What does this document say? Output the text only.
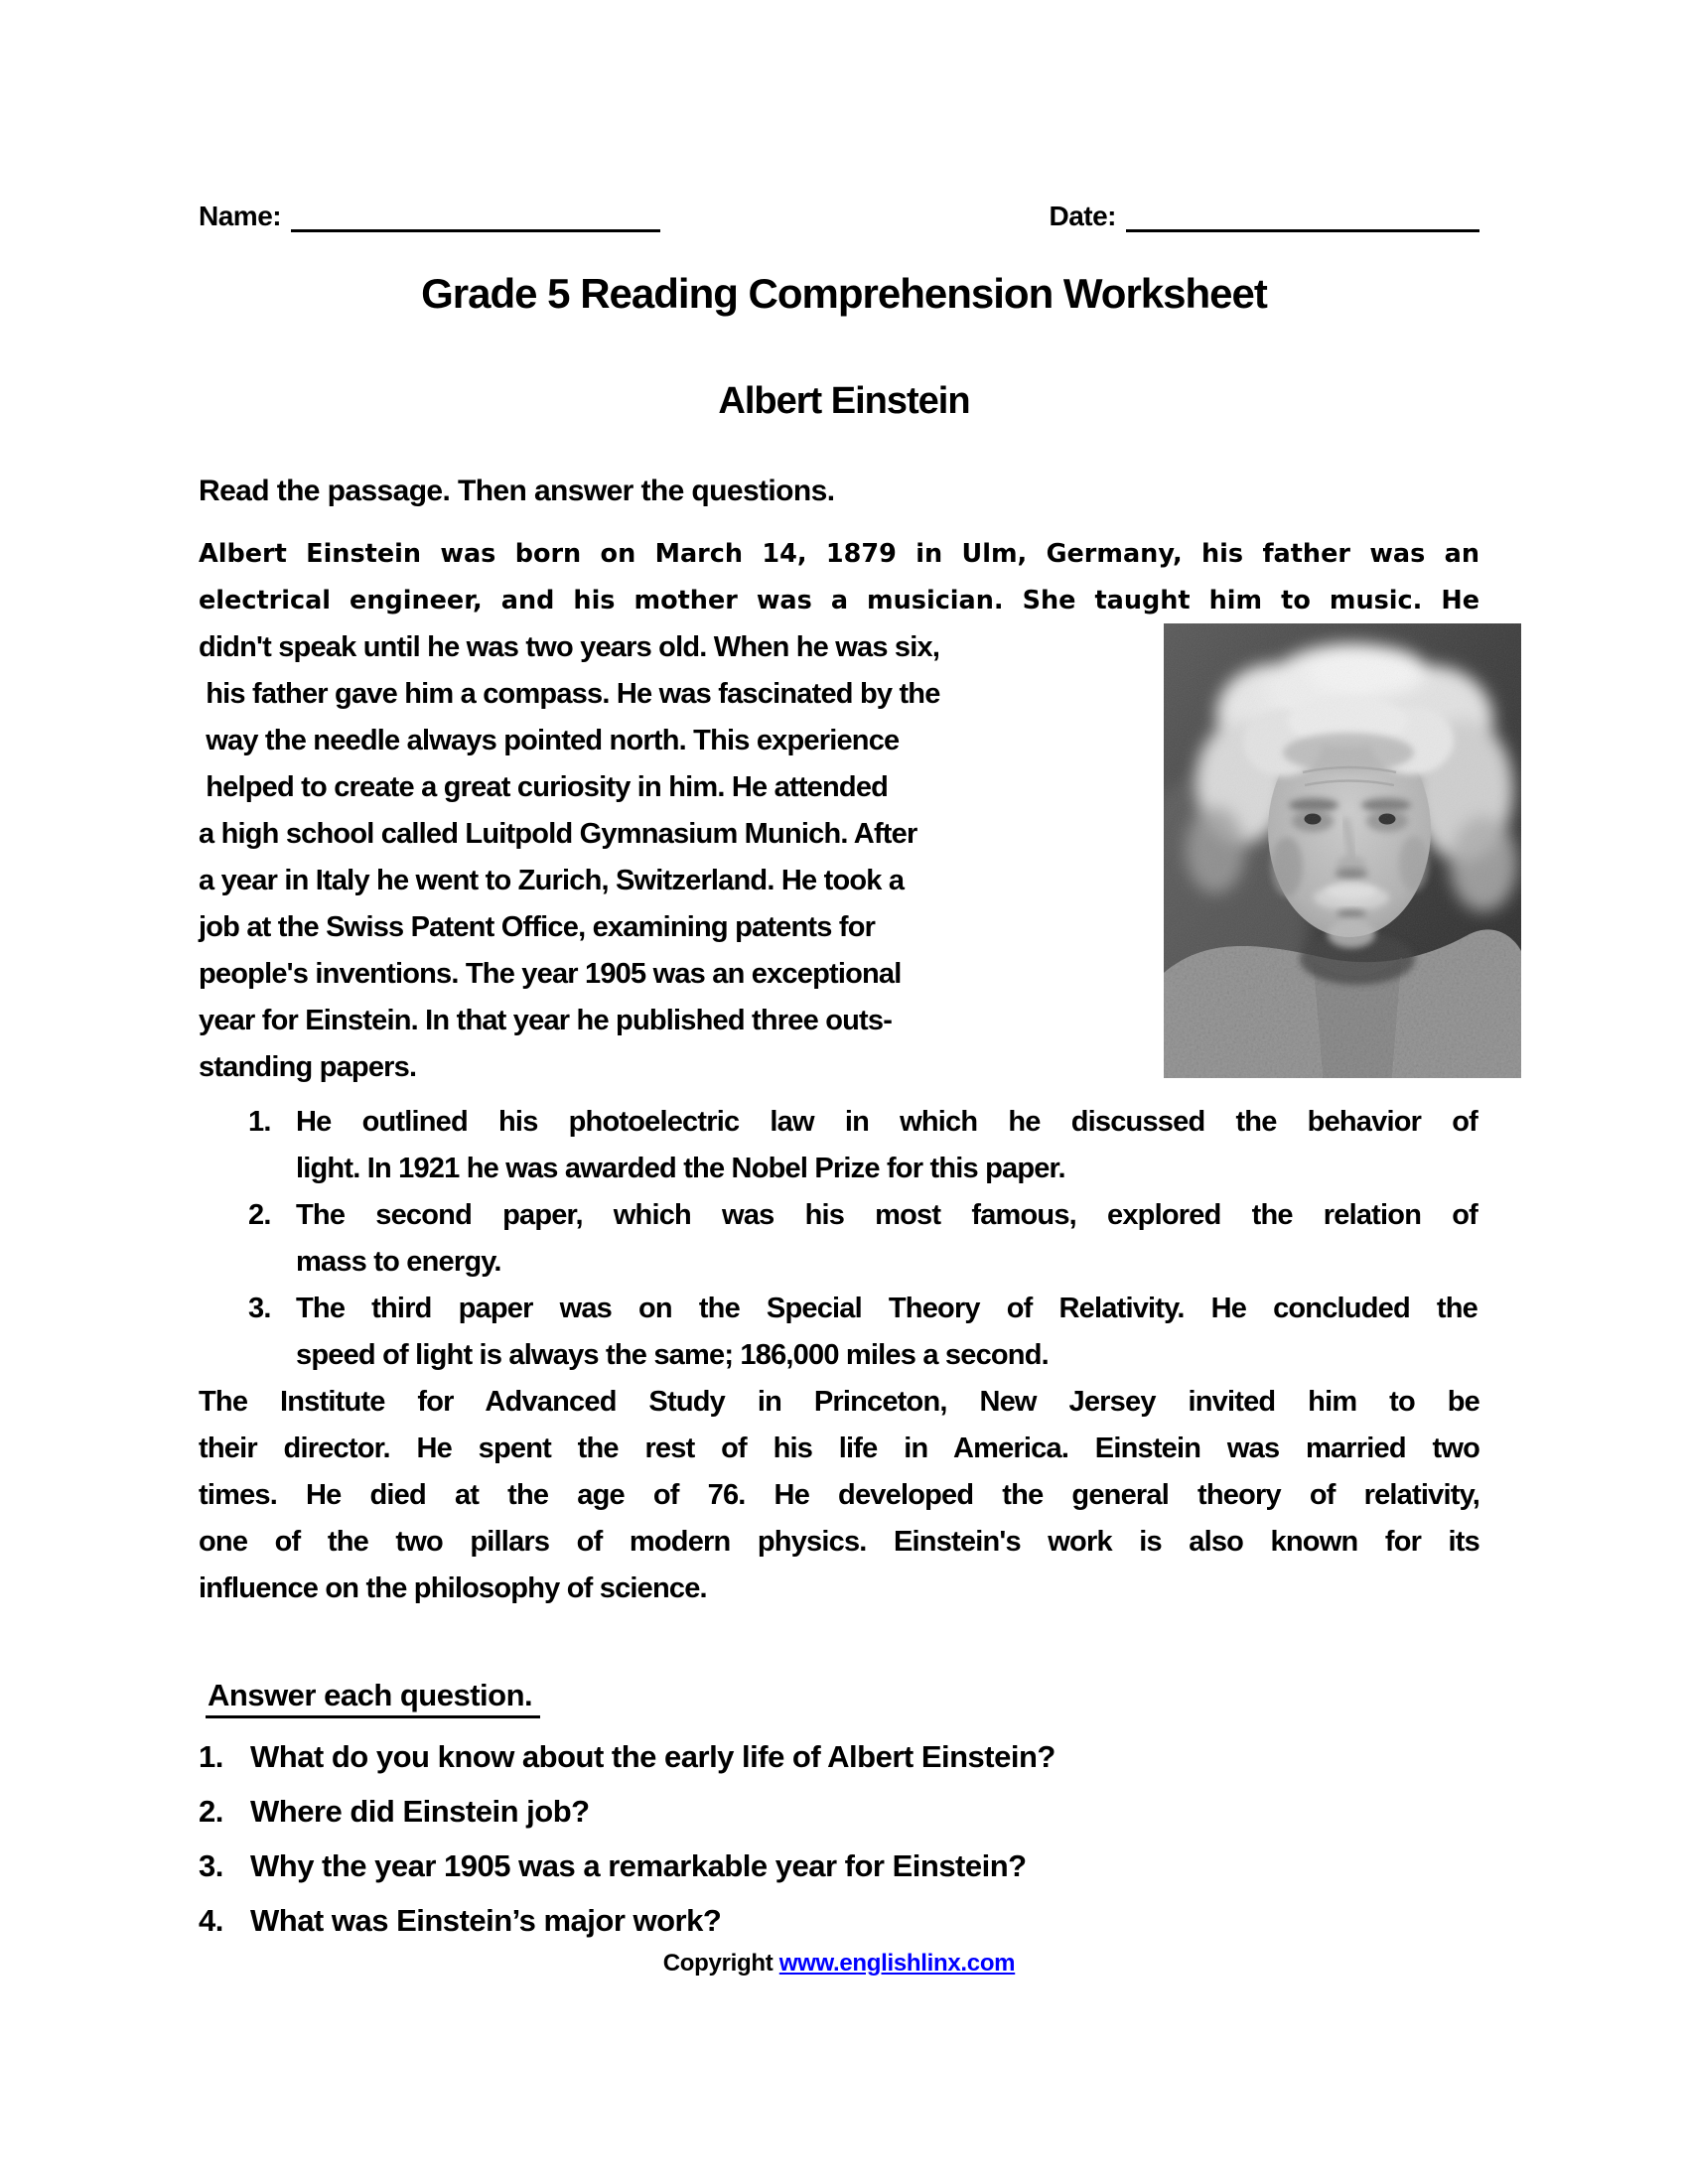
Name:	Date:
Grade 5 Reading Comprehension Worksheet
Albert Einstein
Read the passage. Then answer the questions.
Albert Einstein was born on March 14, 1879 in Ulm, Germany, his father was an
electrical engineer, and his mother was a musician. She taught him to music. He
didn't speak until he was two years old. When he was six,
his father gave him a compass. He was fascinated by the
way the needle always pointed north. This experience
helped to create a great curiosity in him. He attended
a high school called Luitpold Gymnasium Munich. After
a year in Italy he went to Zurich, Switzerland. He took a
job at the Swiss Patent Office, examining patents for
people's inventions. The year 1905 was an exceptional
year for Einstein. In that year he published three outs-
standing papers.
1. He outlined his photoelectric law in which he discussed the behavior of
light. In 1921 he was awarded the Nobel Prize for this paper.
2. The second paper, which was his most famous, explored the relation of
mass to energy.
3. The third paper was on the Special Theory of Relativity. He concluded the
speed of light is always the same; 186,000 miles a second.
The Institute for Advanced Study in Princeton, New Jersey invited him to be
their director. He spent the rest of his life in America. Einstein was married two
times. He died at the age of 76. He developed the general theory of relativity,
one of the two pillars of modern physics. Einstein's work is also known for its
influence on the philosophy of science.
Answer each question.
1. What do you know about the early life of Albert Einstein?
2. Where did Einstein job?
3. Why the year 1905 was a remarkable year for Einstein?
4. What was Einstein’s major work?
Copyright www.englishlinx.com
